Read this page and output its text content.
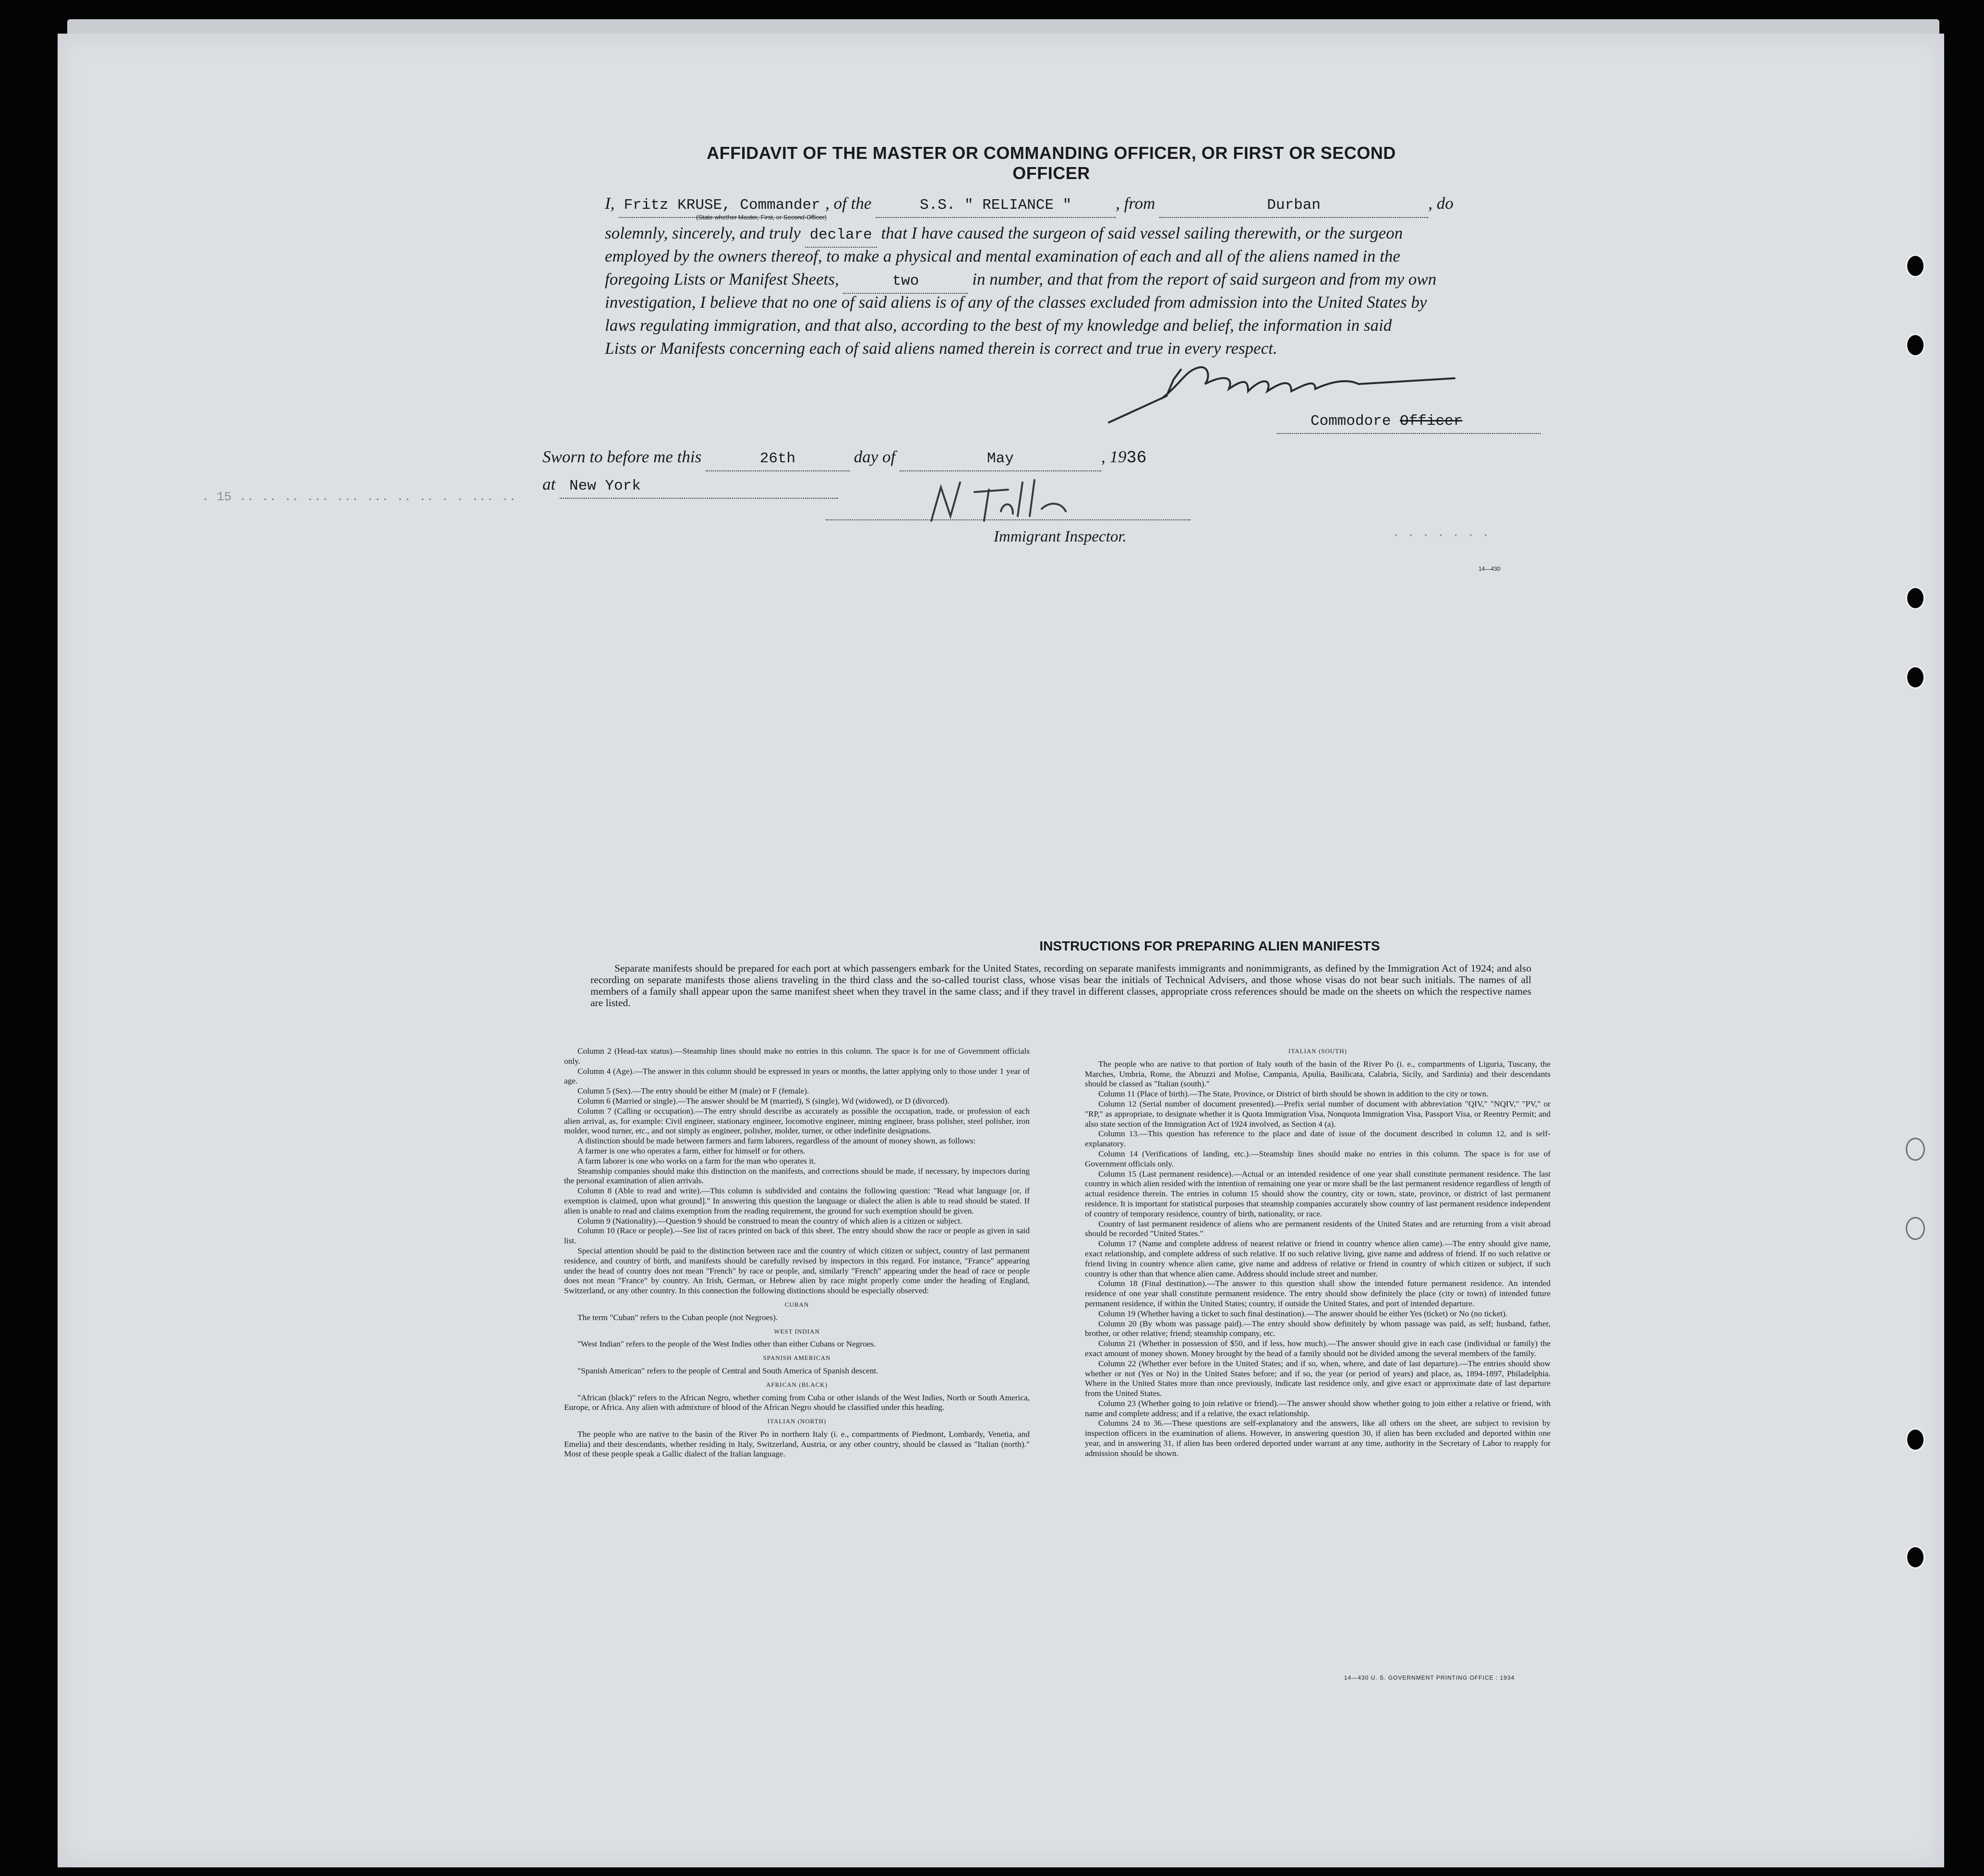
AFFIDAVIT OF THE MASTER OR COMMANDING OFFICER, OR FIRST OR SECOND OFFICER
I, Fritz KRUSE, Commander , of the	S.S. " RELIANCE "	, from	Durban	, do
(State whether Master, First, or Second Officer)
solemnly, sincerely, and truly declare that I have caused the surgeon of said vessel sailing therewith, or the surgeon
employed by the owners thereof, to make a physical and mental examination of each and all of the aliens named in the
foregoing Lists or Manifest Sheets,	two	in number, and that from the report of said surgeon and from my own
investigation, I believe that no one of said aliens is of any of the classes excluded from admission into the United States by
laws regulating immigration, and that also, according to the best of my knowledge and belief, the information in said
Lists or Manifests concerning each of said aliens named therein is correct and true in every respect.
Commodore Officer
Sworn to before me this	26th	day of	May	, 1936
at New York
. 15 .. .. .. ... ... ... .. .. . . ... ..
. . . . . . .
Immigrant Inspector.
14—430
INSTRUCTIONS FOR PREPARING ALIEN MANIFESTS
Separate manifests should be prepared for each port at which passengers embark for the United States, recording on separate manifests immigrants and nonimmigrants, as defined by the Immigration Act of 1924; and also recording on separate manifests those aliens traveling in the third class and the so-called tourist class, whose visas bear the initials of Technical Advisers, and those whose visas do not bear such initials. The names of all members of a family shall appear upon the same manifest sheet when they travel in the same class; and if they travel in different classes, appropriate cross references should be made on the sheets on which the respective names are listed.

Column 2 (Head-tax status).—Steamship lines should make no entries in this column. The space is for use of Government officials only.

Column 4 (Age).—The answer in this column should be expressed in years or months, the latter applying only to those under 1 year of age.

Column 5 (Sex).—The entry should be either M (male) or F (female).

Column 6 (Married or single).—The answer should be M (married), S (single), Wd (widowed), or D (divorced).

Column 7 (Calling or occupation).—The entry should describe as accurately as possible the occupation, trade, or profession of each alien arrival, as, for example: Civil engineer, stationary engineer, locomotive engineer, mining engineer, brass polisher, steel polisher, iron molder, wood turner, etc., and not simply as engineer, polisher, molder, turner, or other indefinite designations.

A distinction should be made between farmers and farm laborers, regardless of the amount of money shown, as follows:

A farmer is one who operates a farm, either for himself or for others.

A farm laborer is one who works on a farm for the man who operates it.

Steamship companies should make this distinction on the manifests, and corrections should be made, if necessary, by inspectors during the personal examination of alien arrivals.

Column 8 (Able to read and write).—This column is subdivided and contains the following question: "Read what language [or, if exemption is claimed, upon what ground]." In answering this question the language or dialect the alien is able to read should be stated. If alien is unable to read and claims exemption from the reading requirement, the ground for such exemption should be given.

Column 9 (Nationality).—Question 9 should be construed to mean the country of which alien is a citizen or subject.

Column 10 (Race or people).—See list of races printed on back of this sheet. The entry should show the race or people as given in said list.

Special attention should be paid to the distinction between race and the country of which citizen or subject, country of last permanent residence, and country of birth, and manifests should be carefully revised by inspectors in this regard. For instance, "France" appearing under the head of country does not mean "French" by race or people, and, similarly "French" appearing under the head of race or people does not mean "France" by country. An Irish, German, or Hebrew alien by race might properly come under the heading of England, Switzerland, or any other country. In this connection the following distinctions should be especially observed:

CUBAN

The term "Cuban" refers to the Cuban people (not Negroes).

WEST INDIAN

"West Indian" refers to the people of the West Indies other than either Cubans or Negroes.

SPANISH AMERICAN

"Spanish American" refers to the people of Central and South America of Spanish descent.

AFRICAN (BLACK)

"African (black)" refers to the African Negro, whether coming from Cuba or other islands of the West Indies, North or South America, Europe, or Africa. Any alien with admixture of blood of the African Negro should be classified under this heading.

ITALIAN (NORTH)

The people who are native to the basin of the River Po in northern Italy (i. e., compartments of Piedmont, Lombardy, Venetia, and Emelia) and their descendants, whether residing in Italy, Switzerland, Austria, or any other country, should be classed as "Italian (north)." Most of these people speak a Gallic dialect of the Italian language.

ITALIAN (SOUTH)

The people who are native to that portion of Italy south of the basin of the River Po (i. e., compartments of Liguria, Tuscany, the Marches, Umbria, Rome, the Abruzzi and Molise, Campania, Apulia, Basilicata, Calabria, Sicily, and Sardinia) and their descendants should be classed as "Italian (south)."

Column 11 (Place of birth).—The State, Province, or District of birth should be shown in addition to the city or town.

Column 12 (Serial number of document presented).—Prefix serial number of document with abbreviation "QIV," "NQIV," "PV," or "RP," as appropriate, to designate whether it is Quota Immigration Visa, Nonquota Immigration Visa, Passport Visa, or Reentry Permit; and also state section of the Immigration Act of 1924 involved, as Section 4 (a).

Column 13.—This question has reference to the place and date of issue of the document described in column 12, and is self-explanatory.

Column 14 (Verifications of landing, etc.).—Steamship lines should make no entries in this column. The space is for use of Government officials only.

Column 15 (Last permanent residence).—Actual or an intended residence of one year shall constitute permanent residence. The last country in which alien resided with the intention of remaining one year or more shall be the last permanent residence regardless of length of actual residence therein. The entries in column 15 should show the country, city or town, state, province, or district of last permanent residence. It is important for statistical purposes that steamship companies accurately show country of last permanent residence independent of country of temporary residence, country of birth, nationality, or race.

Country of last permanent residence of aliens who are permanent residents of the United States and are returning from a visit abroad should be recorded "United States."

Column 17 (Name and complete address of nearest relative or friend in country whence alien came).—The entry should give name, exact relationship, and complete address of such relative. If no such relative living, give name and address of friend. If no such relative or friend living in country whence alien came, give name and address of relative or friend in country of which citizen or subject, if such country is other than that whence alien came. Address should include street and number.

Column 18 (Final destination).—The answer to this question shall show the intended future permanent residence. An intended residence of one year shall constitute permanent residence. The entry should show definitely the place (city or town) of intended future permanent residence, if within the United States; country, if outside the United States, and port of intended departure.

Column 19 (Whether having a ticket to such final destination).—The answer should be either Yes (ticket) or No (no ticket).

Column 20 (By whom was passage paid).—The entry should show definitely by whom passage was paid, as self; husband, father, brother, or other relative; friend; steamship company, etc.

Column 21 (Whether in possession of $50, and if less, how much).—The answer should give in each case (individual or family) the exact amount of money shown. Money brought by the head of a family should not be divided among the several members of the family.

Column 22 (Whether ever before in the United States; and if so, when, where, and date of last departure).—The entries should show whether or not (Yes or No) in the United States before; and if so, the year (or period of years) and place, as, 1894-1897, Philadelphia. Where in the United States more than once previously, indicate last residence only, and give exact or approximate date of last departure from the United States.

Column 23 (Whether going to join relative or friend).—The answer should show whether going to join either a relative or friend, with name and complete address; and if a relative, the exact relationship.

Columns 24 to 36.—These questions are self-explanatory and the answers, like all others on the sheet, are subject to revision by inspection officers in the examination of aliens. However, in answering question 30, if alien has been excluded and deported within one year, and in answering 31, if alien has been ordered deported under warrant at any time, authority in the Secretary of Labor to reapply for admission should be shown.

14—430 U. S. GOVERNMENT PRINTING OFFICE : 1934
